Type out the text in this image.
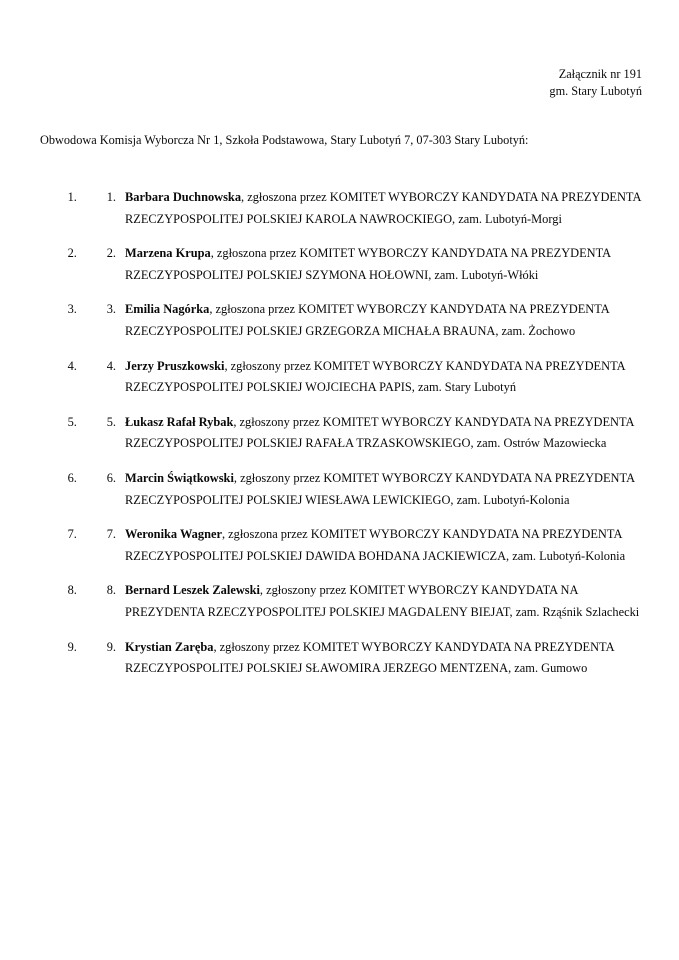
Załącznik nr 191
gm. Stary Lubotyń

Obwodowa Komisja Wyborcza Nr 1, Szkoła Podstawowa, Stary Lubotyń 7, 07-303 Stary Lubotyń:

1. 1. Barbara Duchnowska, zgłoszona przez KOMITET WYBORCZY KANDYDATA NA PREZYDENTA RZECZYPOSPOLITEJ POLSKIEJ KAROLA NAWROCKIEGO, zam. Lubotyń-Morgi
2. 2. Marzena Krupa, zgłoszona przez KOMITET WYBORCZY KANDYDATA NA PREZYDENTA RZECZYPOSPOLITEJ POLSKIEJ SZYMONA HOŁOWNI, zam. Lubotyń-Włóki
3. 3. Emilia Nagórka, zgłoszona przez KOMITET WYBORCZY KANDYDATA NA PREZYDENTA RZECZYPOSPOLITEJ POLSKIEJ GRZEGORZA MICHAŁA BRAUNA, zam. Żochowo
4. 4. Jerzy Pruszkowski, zgłoszony przez KOMITET WYBORCZY KANDYDATA NA PREZYDENTA RZECZYPOSPOLITEJ POLSKIEJ WOJCIECHA PAPIS, zam. Stary Lubotyń
5. 5. Łukasz Rafał Rybak, zgłoszony przez KOMITET WYBORCZY KANDYDATA NA PREZYDENTA RZECZYPOSPOLITEJ POLSKIEJ RAFAŁA TRZASKOWSKIEGO, zam. Ostrów Mazowiecka
6. 6. Marcin Świątkowski, zgłoszony przez KOMITET WYBORCZY KANDYDATA NA PREZYDENTA RZECZYPOSPOLITEJ POLSKIEJ WIESŁAWA LEWICKIEGO, zam. Lubotyń-Kolonia
7. 7. Weronika Wagner, zgłoszona przez KOMITET WYBORCZY KANDYDATA NA PREZYDENTA RZECZYPOSPOLITEJ POLSKIEJ DAWIDA BOHDANA JACKIEWICZA, zam. Lubotyń-Kolonia
8. 8. Bernard Leszek Zalewski, zgłoszony przez KOMITET WYBORCZY KANDYDATA NA PREZYDENTA RZECZYPOSPOLITEJ POLSKIEJ MAGDALENY BIEJAT, zam. Rząśnik Szlachecki
9. 9. Krystian Zaręba, zgłoszony przez KOMITET WYBORCZY KANDYDATA NA PREZYDENTA RZECZYPOSPOLITEJ POLSKIEJ SŁAWOMIRA JERZEGO MENTZENA, zam. Gumowo
